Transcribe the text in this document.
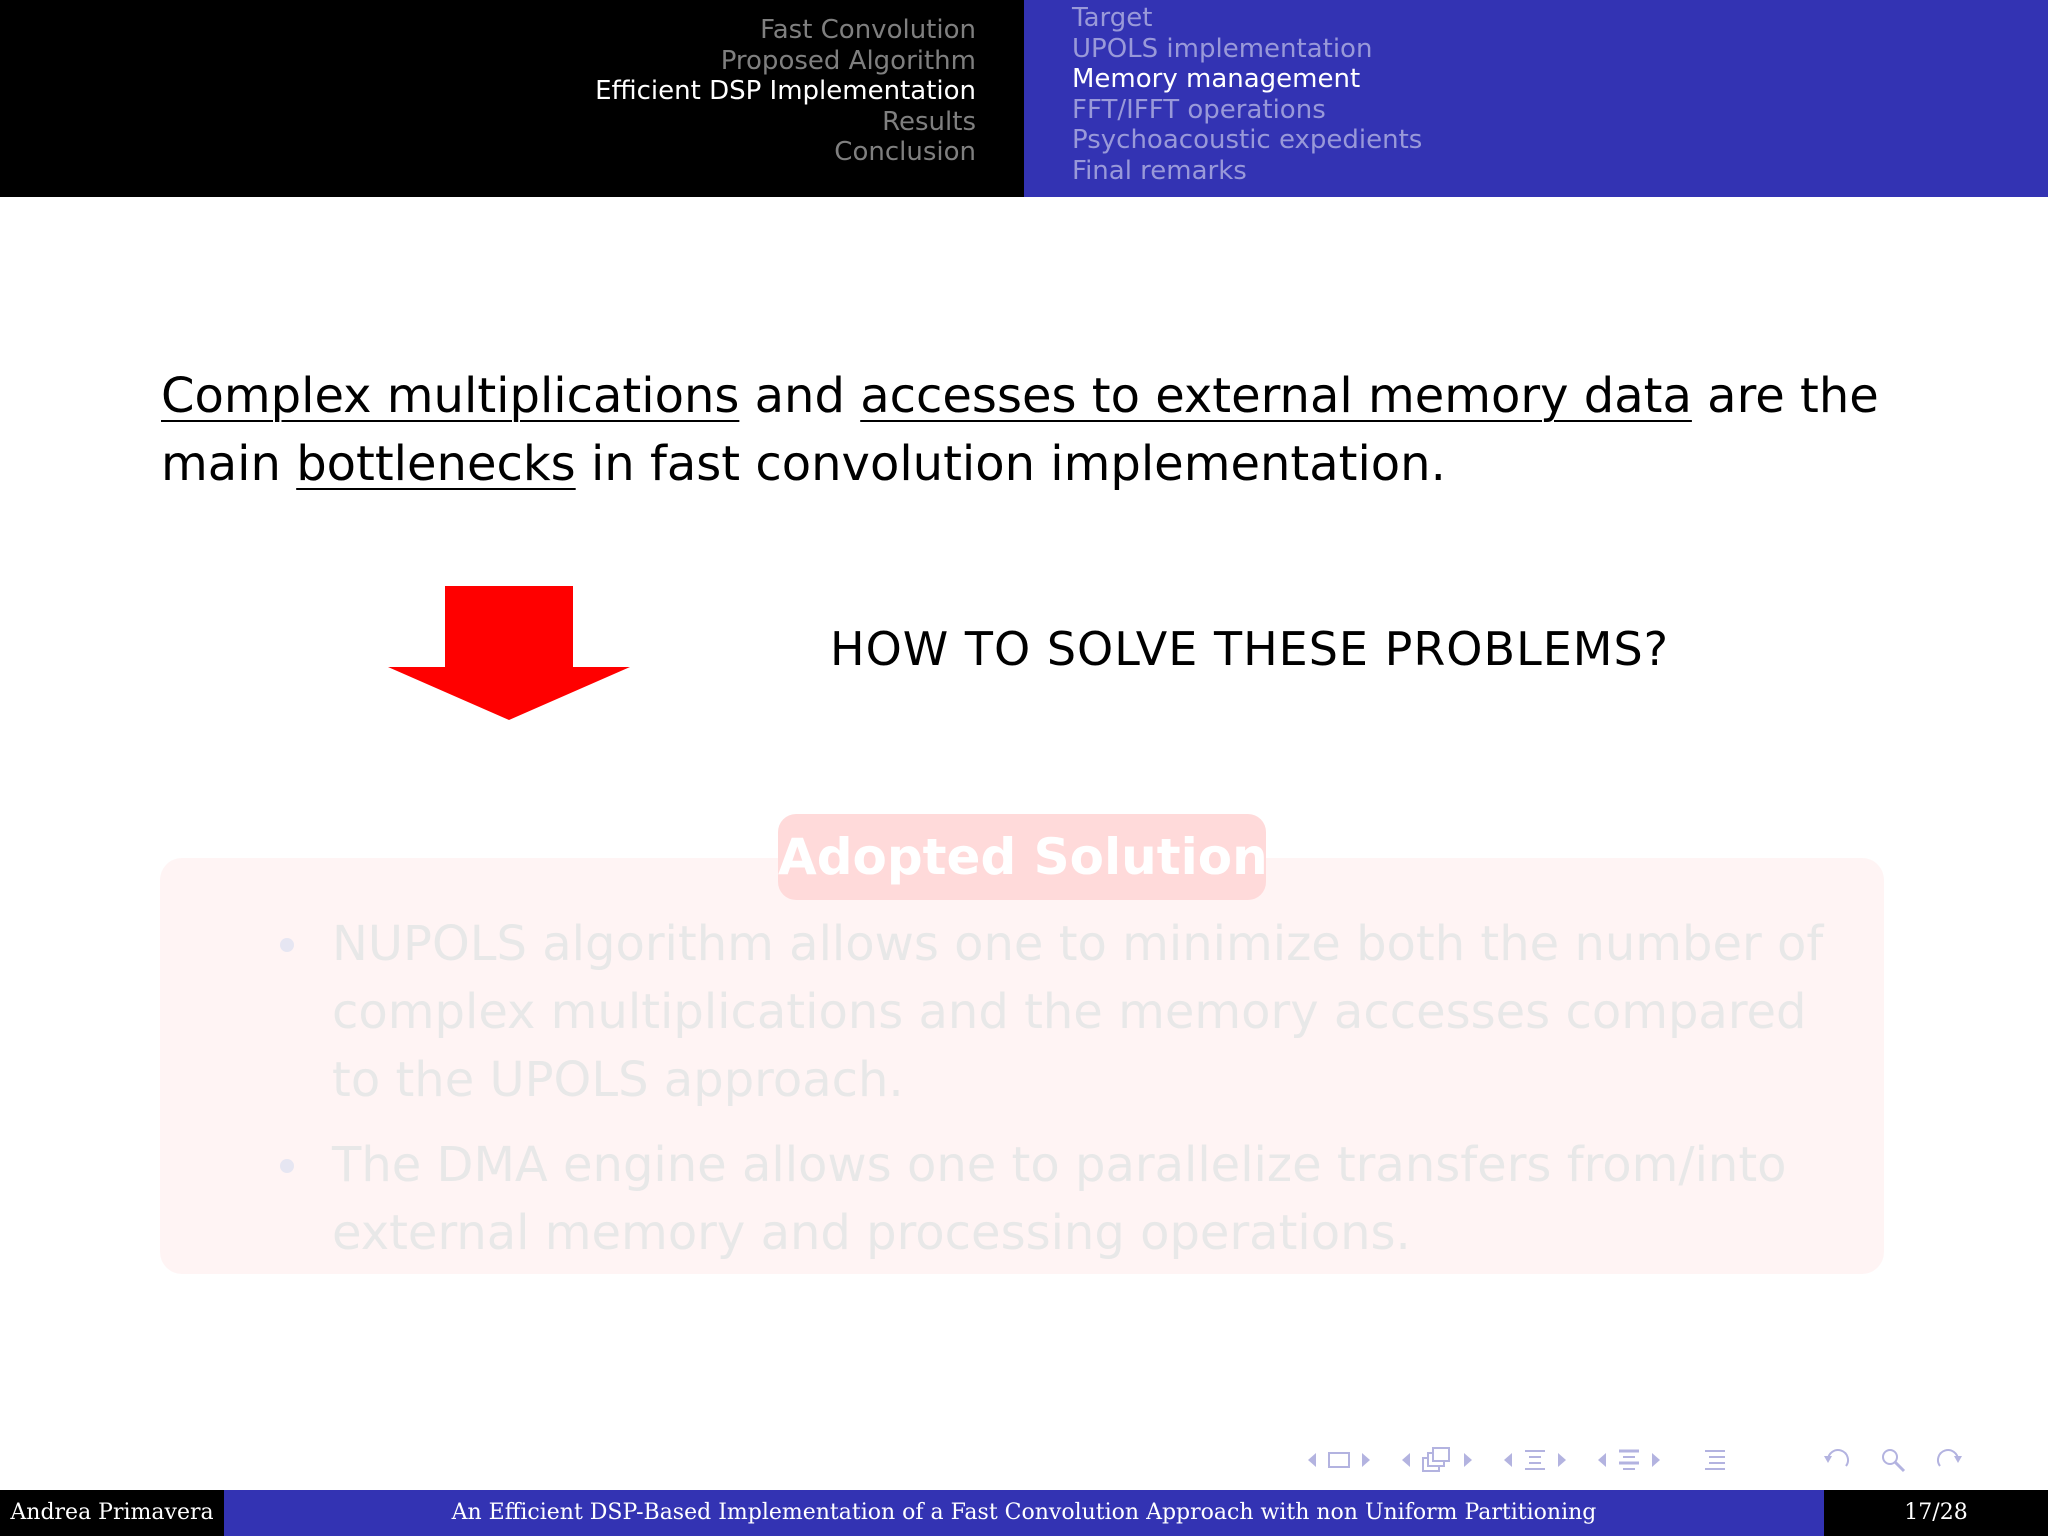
Fast Convolution
Proposed Algorithm
Efficient DSP Implementation
Results
Conclusion
Target
UPOLS implementation
Memory management
FFT/IFFT operations
Psychoacoustic expedients
Final remarks
Complex multiplications and accesses to external memory data are the main bottlenecks in fast convolution implementation.
HOW TO SOLVE THESE PROBLEMS?
Adopted Solution
NUPOLS algorithm allows one to minimize both the number of complex multiplications and the memory accesses compared to the UPOLS approach.
The DMA engine allows one to parallelize transfers from/into external memory and processing operations.
Andrea Primavera	An Efficient DSP-Based Implementation of a Fast Convolution Approach with non Uniform Partitioning	17/28
